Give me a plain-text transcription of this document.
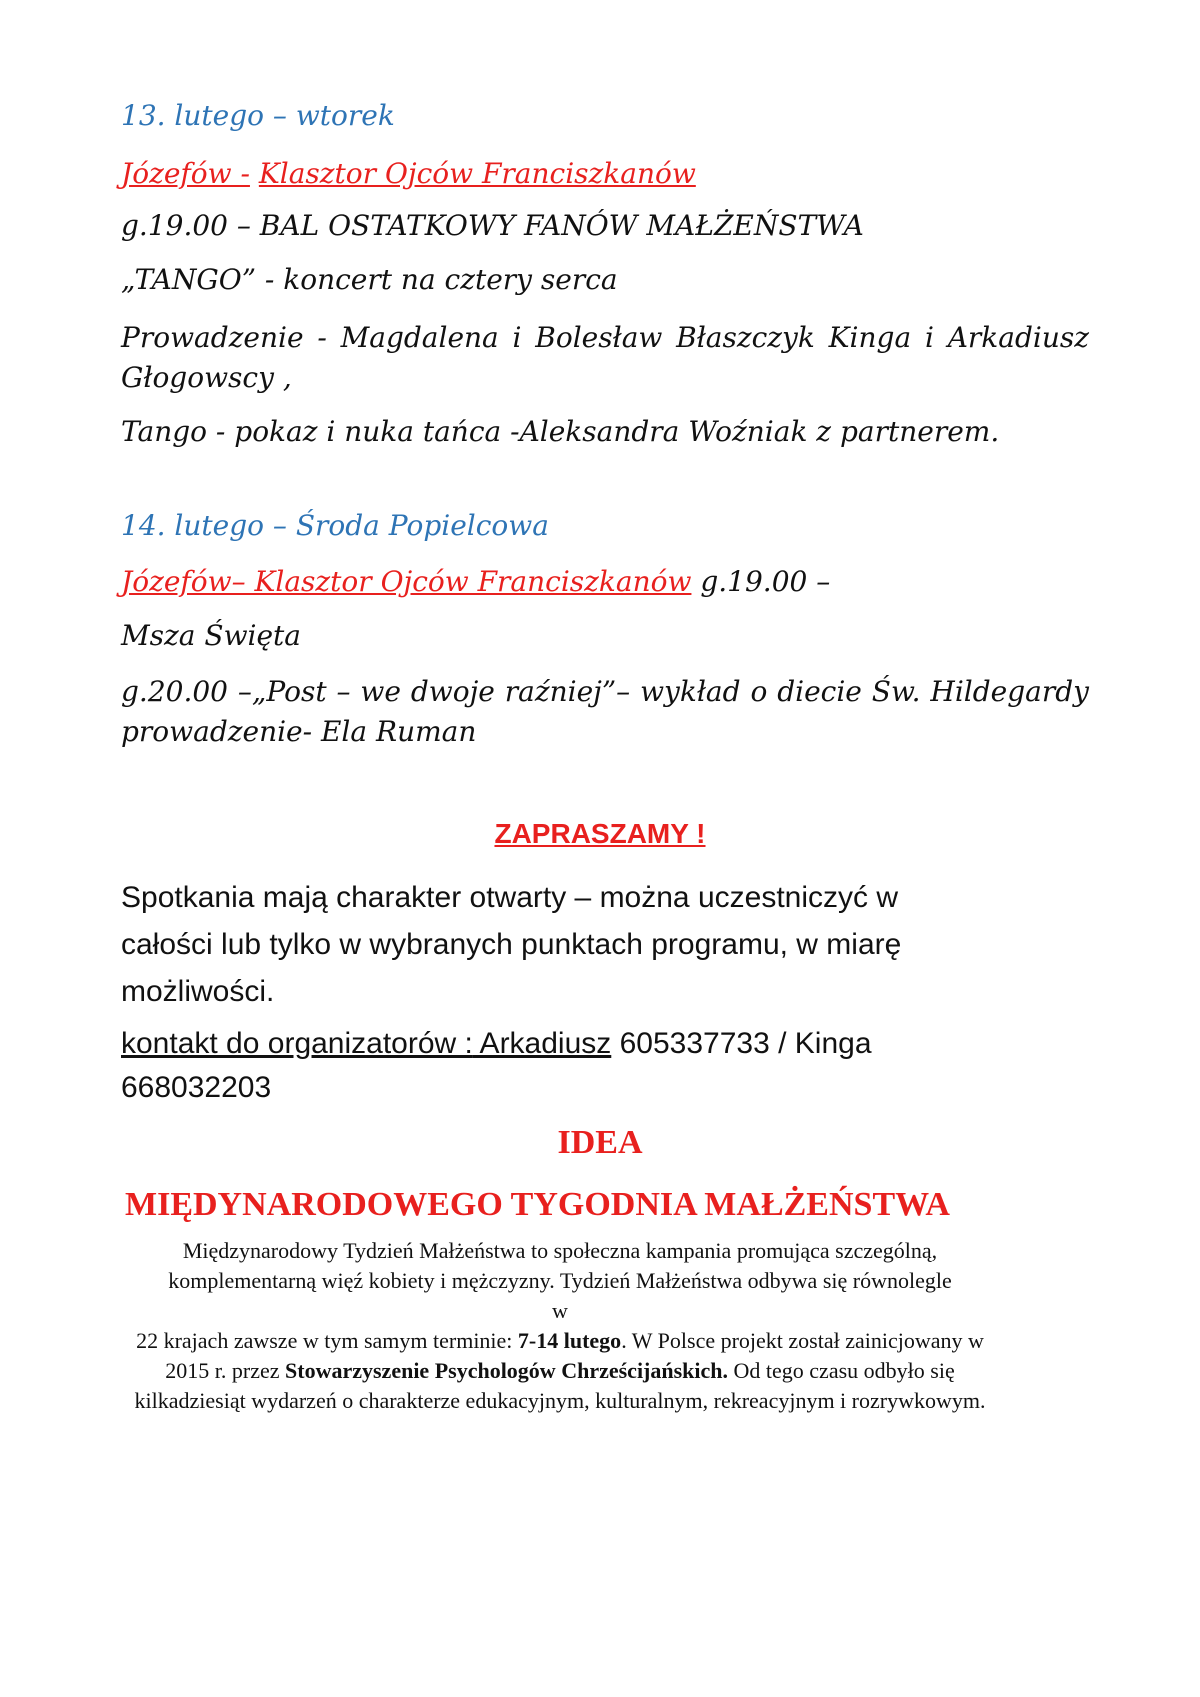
13. lutego – wtorek
Józefów - Klasztor Ojców Franciszkanów
g.19.00 – BAL OSTATKOWY FANÓW MAŁŻEŃSTWA
„TANGO” - koncert na cztery serca
Prowadzenie - Magdalena i Bolesław Błaszczyk Kinga i Arkadiusz Głogowscy ,
Tango - pokaz i nuka tańca -Aleksandra Woźniak z partnerem.
14. lutego – Środa Popielcowa
Józefów– Klasztor Ojców Franciszkanów g.19.00 –
Msza Święta
g.20.00 –„Post – we dwoje raźniej”– wykład o diecie Św. Hildegardy prowadzenie- Ela Ruman
ZAPRASZAMY !
Spotkania mają charakter otwarty – można uczestniczyć w całości lub tylko w wybranych punktach programu, w miarę możliwości.
kontakt do organizatorów : Arkadiusz 605337733 / Kinga 668032203
IDEA
MIĘDYNARODOWEGO TYGODNIA MAŁŻEŃSTWA
Międzynarodowy Tydzień Małżeństwa to społeczna kampania promująca szczególną, komplementarną więź kobiety i mężczyzny. Tydzień Małżeństwa odbywa się równolegle
w
22 krajach zawsze w tym samym terminie: 7-14 lutego. W Polsce projekt został zainicjowany w 2015 r. przez Stowarzyszenie Psychologów Chrześcijańskich. Od tego czasu odbyło się kilkadziesiąt wydarzeń o charakterze edukacyjnym, kulturalnym, rekreacyjnym i rozrywkowym.
